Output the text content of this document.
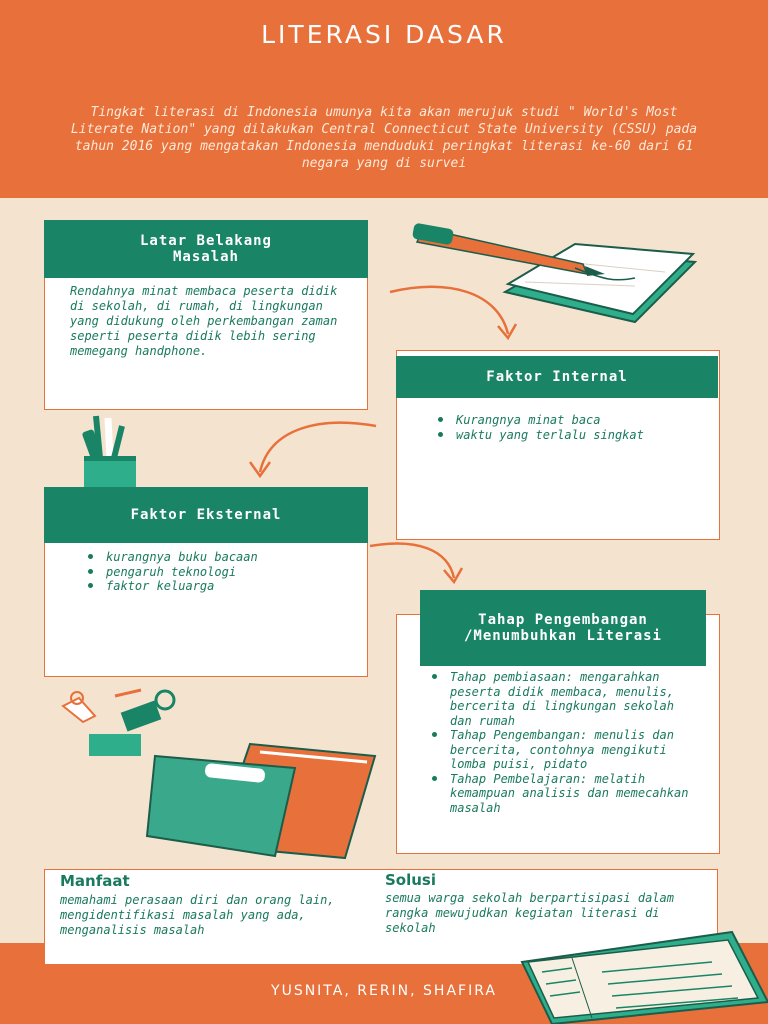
LITERASI DASAR

Tingkat literasi di Indonesia umunya kita akan merujuk studi " World's Most Literate Nation" yang dilakukan Central Connecticut State University (CSSU) pada tahun 2016 yang mengatakan Indonesia menduduki peringkat literasi ke-60 dari 61 negara yang di survei

Latar Belakang Masalah

Rendahnya minat membaca peserta didik di sekolah, di rumah, di lingkungan yang didukung oleh perkembangan zaman seperti peserta didik lebih sering memegang handphone.

Faktor Internal
Kurangnya minat baca
waktu yang terlalu singkat
Faktor Eksternal
kurangnya buku bacaan
pengaruh teknologi
faktor keluarga
Tahap Pengembangan /Menumbuhkan Literasi
Tahap pembiasaan: mengarahkan peserta didik membaca, menulis, bercerita di lingkungan sekolah dan rumah
Tahap Pengembangan: menulis dan bercerita, contohnya mengikuti lomba puisi, pidato
Tahap Pembelajaran: melatih kemampuan analisis dan memecahkan masalah
Manfaat

memahami perasaan diri dan orang lain, mengidentifikasi masalah yang ada, menganalisis masalah

Solusi

semua warga sekolah berpartisipasi dalam rangka mewujudkan kegiatan literasi di sekolah

YUSNITA, RERIN, SHAFIRA
